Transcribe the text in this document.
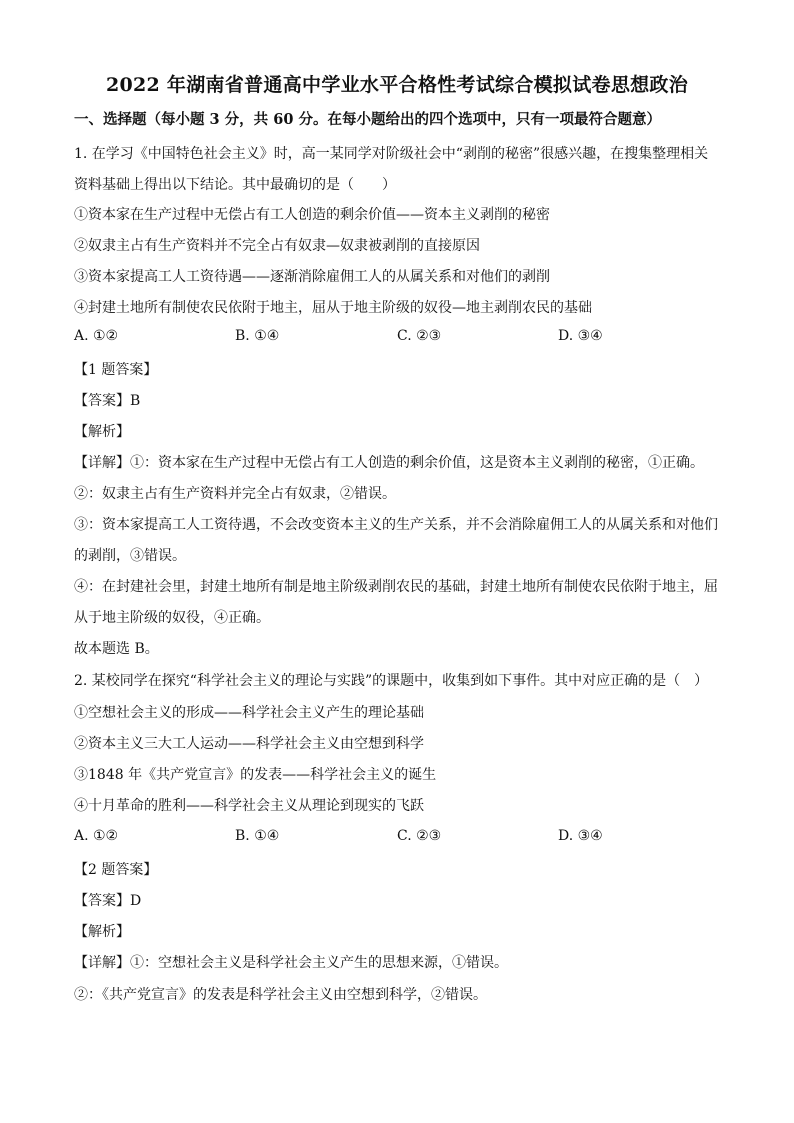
2022 年湖南省普通高中学业水平合格性考试综合模拟试卷思想政治
一、选择题（每小题 3 分，共 60 分。在每小题给出的四个选项中，只有一项最符合题意）
1. 在学习《中国特色社会主义》时，高一某同学对阶级社会中“剥削的秘密”很感兴趣，在搜集整理相关
资料基础上得出以下结论。其中最确切的是（　　）
①资本家在生产过程中无偿占有工人创造的剩余价值——资本主义剥削的秘密
②奴隶主占有生产资料并不完全占有奴隶—奴隶被剥削的直接原因
③资本家提高工人工资待遇——逐渐消除雇佣工人的从属关系和对他们的剥削
④封建土地所有制使农民依附于地主，屈从于地主阶级的奴役—地主剥削农民的基础
A. ①②	B. ①④	C. ②③	D. ③④
【1 题答案】
【答案】B
【解析】
【详解】①：资本家在生产过程中无偿占有工人创造的剩余价值，这是资本主义剥削的秘密，①正确。
②：奴隶主占有生产资料并完全占有奴隶，②错误。
③：资本家提高工人工资待遇，不会改变资本主义的生产关系，并不会消除雇佣工人的从属关系和对他们
的剥削，③错误。
④：在封建社会里，封建土地所有制是地主阶级剥削农民的基础，封建土地所有制使农民依附于地主，屈
从于地主阶级的奴役，④正确。
故本题选 B。
2. 某校同学在探究“科学社会主义的理论与实践”的课题中，收集到如下事件。其中对应正确的是（　）
①空想社会主义的形成——科学社会主义产生的理论基础
②资本主义三大工人运动——科学社会主义由空想到科学
③1848 年《共产党宣言》的发表——科学社会主义的诞生
④十月革命的胜利——科学社会主义从理论到现实的飞跃
A. ①②	B. ①④	C. ②③	D. ③④
【2 题答案】
【答案】D
【解析】
【详解】①：空想社会主义是科学社会主义产生的思想来源，①错误。
②：《共产党宣言》的发表是科学社会主义由空想到科学，②错误。
